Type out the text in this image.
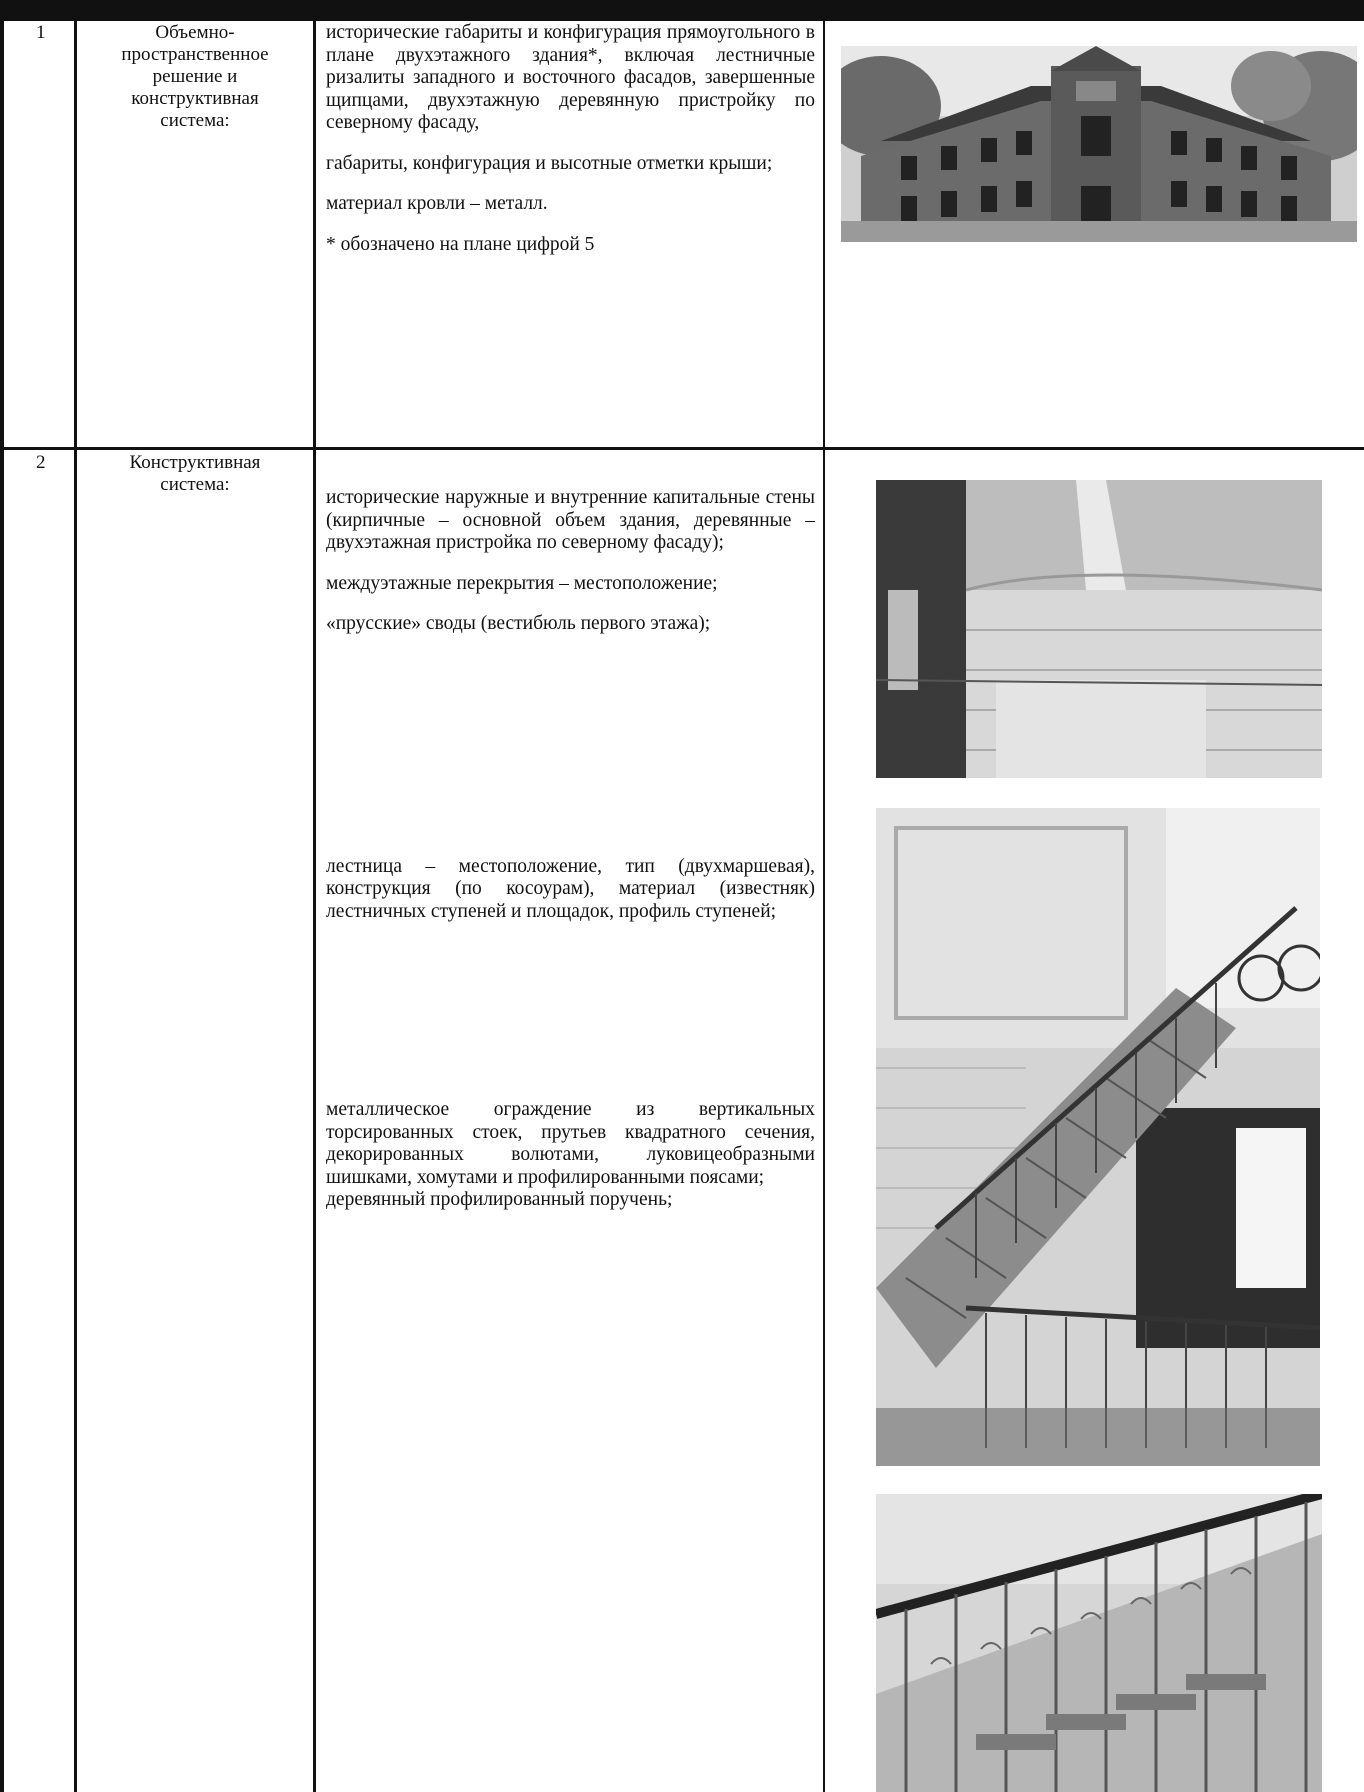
1	Объемно-
пространственное
решение и
конструктивная
система:

исторические габариты и конфигурация прямоугольного в плане двухэтажного здания*, включая лестничные ризалиты западного и восточного фасадов, завершенные щипцами, двухэтажную деревянную пристройку по северному фасаду,

габариты, конфигурация и высотные отметки крыши;

материал кровли – металл.

* обозначено на плане цифрой 5

2	Конструктивная
система:

исторические наружные и внутренние капитальные стены (кирпичные – основной объем здания, деревянные – двухэтажная пристройка по северному фасаду);

междуэтажные перекрытия – местоположение;

«прусские» своды (вестибюль первого этажа);

лестница – местоположение, тип (двухмаршевая), конструкция (по косоурам), материал (известняк) лестничных ступеней и площадок, профиль ступеней;

металлическое ограждение из вертикальных торсированных стоек, прутьев квадратного сечения, декорированных волютами, луковицеобразными шишками, хомутами и профилированными поясами;

деревянный профилированный поручень;
